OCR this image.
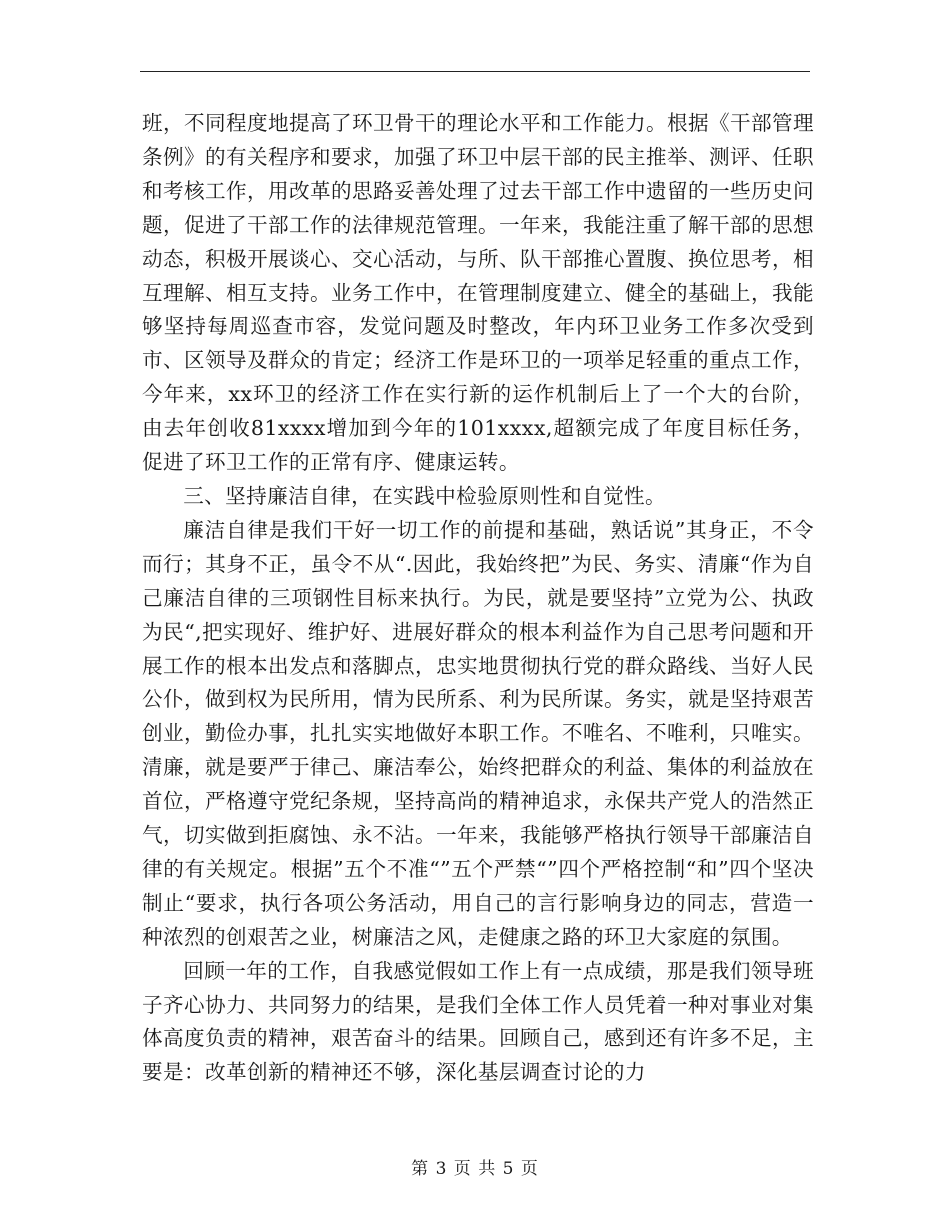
班，不同程度地提高了环卫骨干的理论水平和工作能力。根据《干部管理条例》的有关程序和要求，加强了环卫中层干部的民主推举、测评、任职和考核工作，用改革的思路妥善处理了过去干部工作中遗留的一些历史问题，促进了干部工作的法律规范管理。一年来，我能注重了解干部的思想动态，积极开展谈心、交心活动，与所、队干部推心置腹、换位思考，相互理解、相互支持。业务工作中，在管理制度建立、健全的基础上，我能够坚持每周巡查市容，发觉问题及时整改，年内环卫业务工作多次受到市、区领导及群众的肯定；经济工作是环卫的一项举足轻重的重点工作，今年来，xx环卫的经济工作在实行新的运作机制后上了一个大的台阶，由去年创收81xxxx增加到今年的101xxxx,超额完成了年度目标任务，促进了环卫工作的正常有序、健康运转。

三、坚持廉洁自律，在实践中检验原则性和自觉性。

廉洁自律是我们干好一切工作的前提和基础，熟话说”其身正，不令而行；其身不正，虽令不从“.因此，我始终把”为民、务实、清廉“作为自己廉洁自律的三项钢性目标来执行。为民，就是要坚持”立党为公、执政为民“,把实现好、维护好、进展好群众的根本利益作为自己思考问题和开展工作的根本出发点和落脚点，忠实地贯彻执行党的群众路线、当好人民公仆，做到权为民所用，情为民所系、利为民所谋。务实，就是坚持艰苦创业，勤俭办事，扎扎实实地做好本职工作。不唯名、不唯利，只唯实。清廉，就是要严于律己、廉洁奉公，始终把群众的利益、集体的利益放在首位，严格遵守党纪条规，坚持高尚的精神追求，永保共产党人的浩然正气，切实做到拒腐蚀、永不沾。一年来，我能够严格执行领导干部廉洁自律的有关规定。根据”五个不准“”五个严禁“”四个严格控制“和”四个坚决制止“要求，执行各项公务活动，用自己的言行影响身边的同志，营造一种浓烈的创艰苦之业，树廉洁之风，走健康之路的环卫大家庭的氛围。

回顾一年的工作，自我感觉假如工作上有一点成绩，那是我们领导班子齐心协力、共同努力的结果，是我们全体工作人员凭着一种对事业对集体高度负责的精神，艰苦奋斗的结果。回顾自己，感到还有许多不足，主要是：改革创新的精神还不够，深化基层调查讨论的力

第 3 页 共 5 页
